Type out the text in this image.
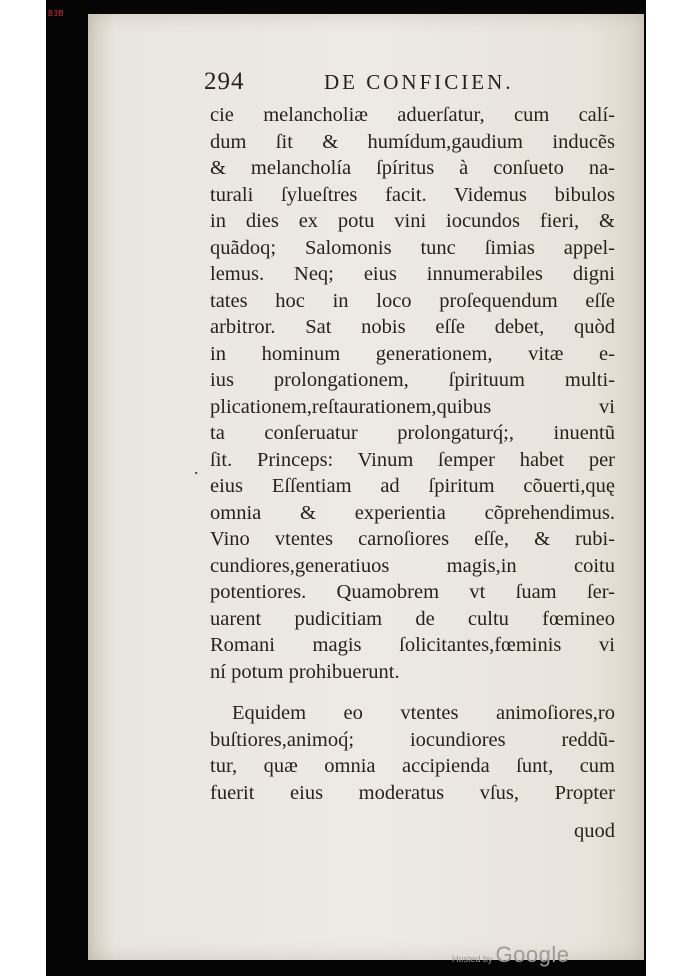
B3B
294	DE CONFICIEN.
cie melancholiæ aduerſatur, cum calí-
dum ſit & humídum,gaudium inducẽs
& melancholía ſpíritus à conſueto na-
turali ſylueſtres facit. Videmus bibulos
in dies ex potu vini iocundos fieri, &
quãdoq; Salomonis tunc ſimias appel-
lemus. Neq; eius innumerabiles digni
tates hoc in loco proſequendum eſſe
arbitror. Sat nobis eſſe debet, quòd
in hominum generationem, vitæ e-
ius prolongationem, ſpirituum multi-
plicationem,reſtaurationem,quibus vi
ta conſeruatur prolongaturq́;, inuentũ
ſit. Princeps: Vinum ſemper habet per
eius Eſſentiam ad ſpiritum cõuerti,quę
omnia & experientia cõprehendimus.
Vino vtentes carnoſiores eſſe, & rubi-
cundiores,generatiuos magis,in coitu
potentiores. Quamobrem vt ſuam ſer-
uarent pudicitiam de cultu fœmineo
Romani magis ſolicitantes,fœminis vi
ní potum prohibuerunt.
Equidem eo vtentes animoſiores,ro
buſtiores,animoq́; iocundiores reddũ-
tur, quæ omnia accipienda ſunt, cum
fuerit eius moderatus vſus, Propter
.
quod
Hosted by Google
